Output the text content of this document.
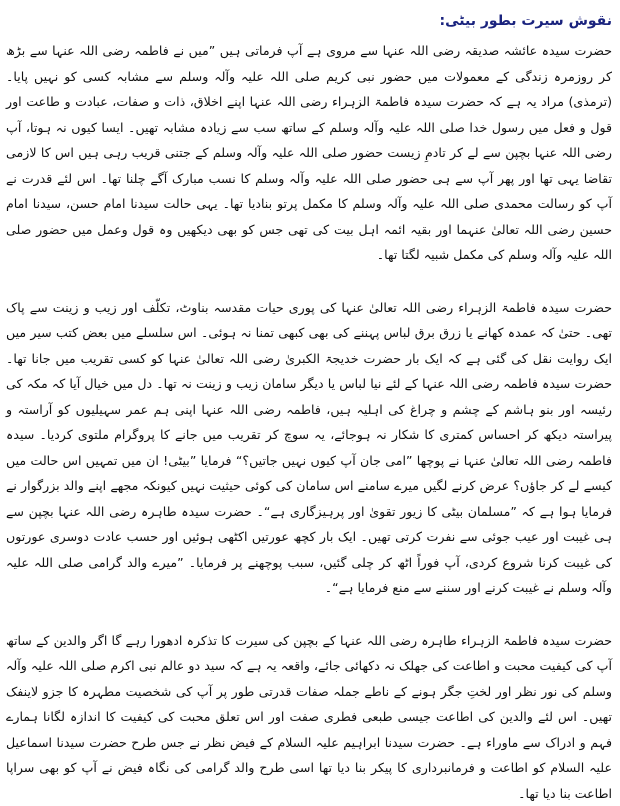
نقوش سیرت بطور بیٹی:

حضرت سیدہ عائشہ صدیقہ رضی اللہ عنہا سے مروی ہے آپ فرماتی ہیں ”میں نے فاطمہ رضی اللہ عنہا سے بڑھ کر روزمرہ زندگی کے معمولات میں حضور نبی کریم صلی اللہ علیہ وآلہ وسلم سے مشابہ کسی کو نہیں پایا۔ (ترمذی) مراد یہ ہے کہ حضرت سیدہ فاطمۃ الزہراء رضی اللہ عنہا اپنے اخلاق، ذات و صفات، عبادت و طاعت اور قول و فعل میں رسول خدا صلی اللہ علیہ وآلہ وسلم کے ساتھ سب سے زیادہ مشابہ تھیں۔ ایسا کیوں نہ ہوتا، آپ رضی اللہ عنہا بچپن سے لے کر تادمِ زیست حضور صلی اللہ علیہ وآلہ وسلم کے جتنی قریب رہی ہیں اس کا لازمی تقاضا یہی تھا اور پھر آپ سے ہی حضور صلی اللہ علیہ وآلہ وسلم کا نسب مبارک آگے چلنا تھا۔ اس لئے قدرت نے آپ کو رسالت محمدی صلی اللہ علیہ وآلہ وسلم کا مکمل پرتو بنادیا تھا۔ یہی حالت سیدنا امام حسن، سیدنا امام حسین رضی اللہ تعالیٰ عنہما اور بقیہ ائمہ اہل بیت کی تھی جس کو بھی دیکھیں وہ قول وعمل میں حضور صلی اللہ علیہ وآلہ وسلم کی مکمل شبیہ لگتا تھا۔

حضرت سیدہ فاطمۃ الزہراء رضی اللہ تعالیٰ عنہا کی پوری حیات مقدسہ بناوٹ، تکلّف اور زیب و زینت سے پاک تھی۔ حتیٰ کہ عمدہ کھانے یا زرق برق لباس پہننے کی بھی کبھی تمنا نہ ہوئی۔ اس سلسلے میں بعض کتب سیر میں ایک روایت نقل کی گئی ہے کہ ایک بار حضرت خدیجۃ الکبریٰ رضی اللہ تعالیٰ عنہا کو کسی تقریب میں جانا تھا۔ حضرت سیدہ فاطمہ رضی اللہ عنہا کے لئے نیا لباس یا دیگر سامان زیب و زینت نہ تھا۔ دل میں خیال آیا کہ مکہ کی رئیسہ اور بنو ہاشم کے چشم و چراغ کی اہلیہ ہیں، فاطمہ رضی اللہ عنہا اپنی ہم عمر سہیلیوں کو آراستہ و پیراستہ دیکھ کر احساس کمتری کا شکار نہ ہوجائے، یہ سوچ کر تقریب میں جانے کا پروگرام ملتوی کردیا۔ سیدہ فاطمہ رضی اللہ تعالیٰ عنہا نے پوچھا ”امی جان آپ کیوں نہیں جاتیں؟“ فرمایا ”بیٹی! ان میں تمہیں اس حالت میں کیسے لے کر جاؤں؟ عرض کرنے لگیں میرے سامنے اس سامان کی کوئی حیثیت نہیں کیونکہ مجھے اپنے والد بزرگوار نے فرمایا ہوا ہے کہ ”مسلمان بیٹی کا زیور تقویٰ اور پرہیزگاری ہے“۔ حضرت سیدہ طاہرہ رضی اللہ عنہا بچپن سے ہی غیبت اور عیب جوئی سے نفرت کرتی تھیں۔ ایک بار کچھ عورتیں اکٹھی ہوئیں اور حسب عادت دوسری عورتوں کی غیبت کرنا شروع کردی، آپ فوراً اٹھ کر چلی گئیں، سبب پوچھنے پر فرمایا۔ ”میرے والد گرامی صلی اللہ علیہ وآلہ وسلم نے غیبت کرنے اور سننے سے منع فرمایا ہے“۔

حضرت سیدہ فاطمۃ الزہراء طاہرہ رضی اللہ عنہا کے بچپن کی سیرت کا تذکرہ ادھورا رہے گا اگر والدین کے ساتھ آپ کی کیفیت محبت و اطاعت کی جھلک نہ دکھائی جائے، واقعہ یہ ہے کہ سید دو عالم نبی اکرم صلی اللہ علیہ وآلہ وسلم کی نور نظر اور لختِ جگر ہونے کے ناطے جملہ صفات قدرتی طور پر آپ کی شخصیت مطہرہ کا جزو لاینفک تھیں۔ اس لئے والدین کی اطاعت جیسی طبعی فطری صفت اور اس تعلق محبت کی کیفیت کا اندازہ لگانا ہمارے فہم و ادراک سے ماوراء ہے۔ حضرت سیدنا ابراہیم علیہ السلام کے فیض نظر نے جس طرح حضرت سیدنا اسماعیل علیہ السلام کو اطاعت و فرمانبرداری کا پیکر بنا دیا تھا اسی طرح والد گرامی کی نگاہ فیض نے آپ کو بھی سراپا اطاعت بنا دیا تھا۔
